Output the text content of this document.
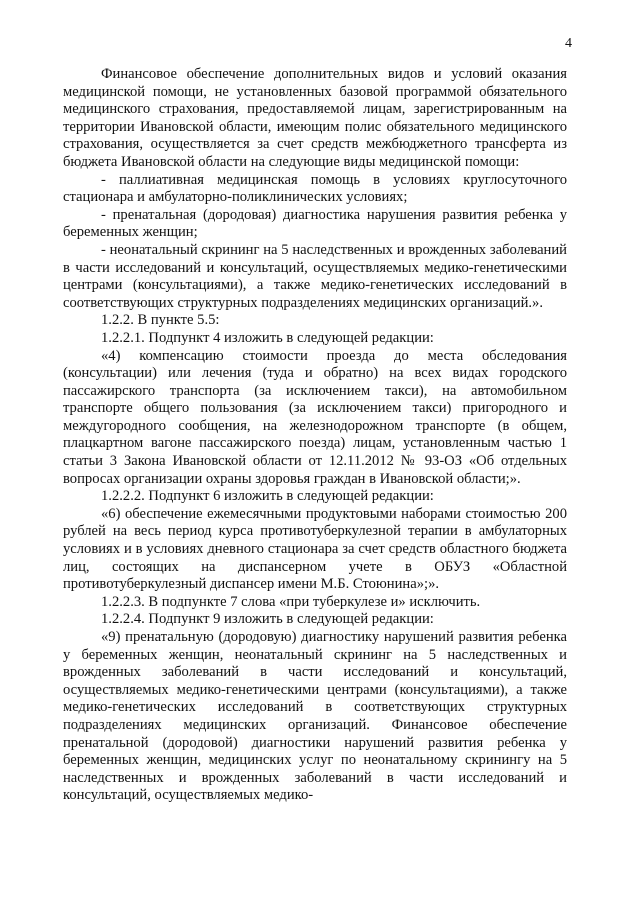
4

Финансовое обеспечение дополнительных видов и условий оказания медицинской помощи, не установленных базовой программой обязательного медицинского страхования, предоставляемой лицам, зарегистрированным на территории Ивановской области, имеющим полис обязательного медицинского страхования, осуществляется за счет средств межбюджетного трансферта из бюджета Ивановской области на следующие виды медицинской помощи:

- паллиативная медицинская помощь в условиях круглосуточного стационара и амбулаторно-поликлинических условиях;

- пренатальная (дородовая) диагностика нарушения развития ребенка у беременных женщин;

- неонатальный скрининг на 5 наследственных и врожденных заболеваний в части исследований и консультаций, осуществляемых медико-генетическими центрами (консультациями), а также медико-генетических исследований в соответствующих структурных подразделениях медицинских организаций.».

1.2.2. В пункте 5.5:

1.2.2.1. Подпункт 4 изложить в следующей редакции:

«4) компенсацию стоимости проезда до места обследования (консультации) или лечения (туда и обратно) на всех видах городского пассажирского транспорта (за исключением такси), на автомобильном транспорте общего пользования (за исключением такси) пригородного и междугородного сообщения, на железнодорожном транспорте (в общем, плацкартном вагоне пассажирского поезда) лицам, установленным частью 1 статьи 3 Закона Ивановской области от 12.11.2012 № 93-ОЗ «Об отдельных вопросах организации охраны здоровья граждан в Ивановской области;».

1.2.2.2. Подпункт 6 изложить в следующей редакции:

«6) обеспечение ежемесячными продуктовыми наборами стоимостью 200 рублей на весь период курса противотуберкулезной терапии в амбулаторных условиях и в условиях дневного стационара за счет средств областного бюджета лиц, состоящих на диспансерном учете в ОБУЗ «Областной противотуберкулезный диспансер имени М.Б. Стоюнина»;».

1.2.2.3. В подпункте 7 слова «при туберкулезе и» исключить.

1.2.2.4. Подпункт 9 изложить в следующей редакции:

«9) пренатальную (дородовую) диагностику нарушений развития ребенка у беременных женщин, неонатальный скрининг на 5 наследственных и врожденных заболеваний в части исследований и консультаций, осуществляемых медико-генетическими центрами (консультациями), а также медико-генетических исследований в соответствующих структурных подразделениях медицинских организаций. Финансовое обеспечение пренатальной (дородовой) диагностики нарушений развития ребенка у беременных женщин, медицинских услуг по неонатальному скринингу на 5 наследственных и врожденных заболеваний в части исследований и консультаций, осуществляемых медико-
